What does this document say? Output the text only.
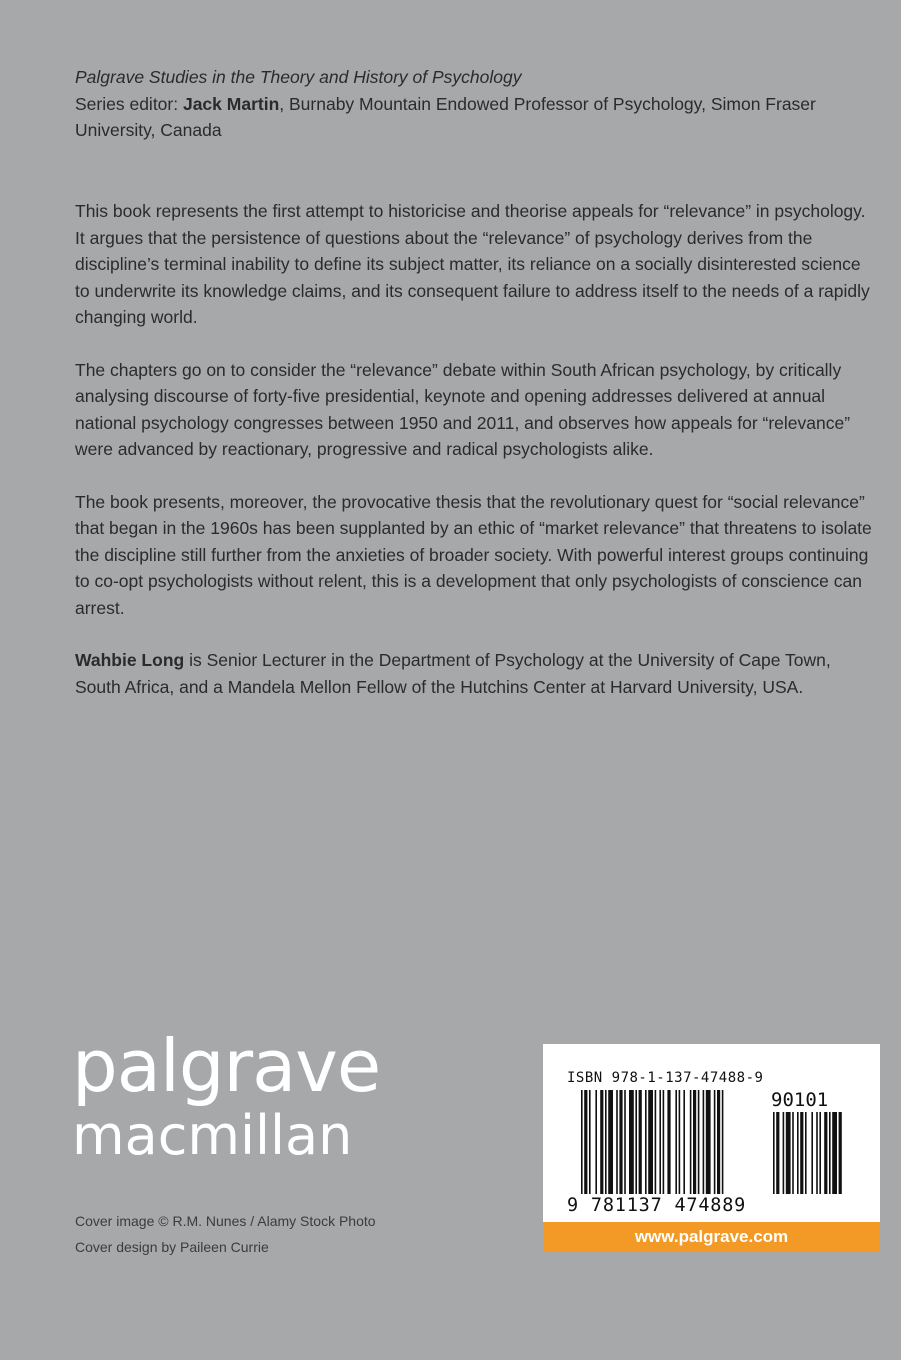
Palgrave Studies in the Theory and History of Psychology
Series editor: Jack Martin, Burnaby Mountain Endowed Professor of Psychology, Simon Fraser University, Canada

This book represents the first attempt to historicise and theorise appeals for “relevance” in psychology. It argues that the persistence of questions about the “relevance” of psychology derives from the discipline’s terminal inability to define its subject matter, its reliance on a socially disinterested science to underwrite its knowledge claims, and its consequent failure to address itself to the needs of a rapidly changing world.

The chapters go on to consider the “relevance” debate within South African psychology, by critically analysing discourse of forty-five presidential, keynote and opening addresses delivered at annual national psychology congresses between 1950 and 2011, and observes how appeals for “relevance” were advanced by reactionary, progressive and radical psychologists alike.

The book presents, moreover, the provocative thesis that the revolutionary quest for “social relevance” that began in the 1960s has been supplanted by an ethic of “market relevance” that threatens to isolate the discipline still further from the anxieties of broader society. With powerful interest groups continuing to co-opt psychologists without relent, this is a development that only psychologists of conscience can arrest.

Wahbie Long is Senior Lecturer in the Department of Psychology at the University of Cape Town, South Africa, and a Mandela Mellon Fellow of the Hutchins Center at Harvard University, USA.

palgrave
macmillan
Cover image © R.M. Nunes / Alamy Stock Photo
Cover design by Paileen Currie
ISBN 978-1-137-47488-9
90101
9 781137 474889
www.palgrave.com
